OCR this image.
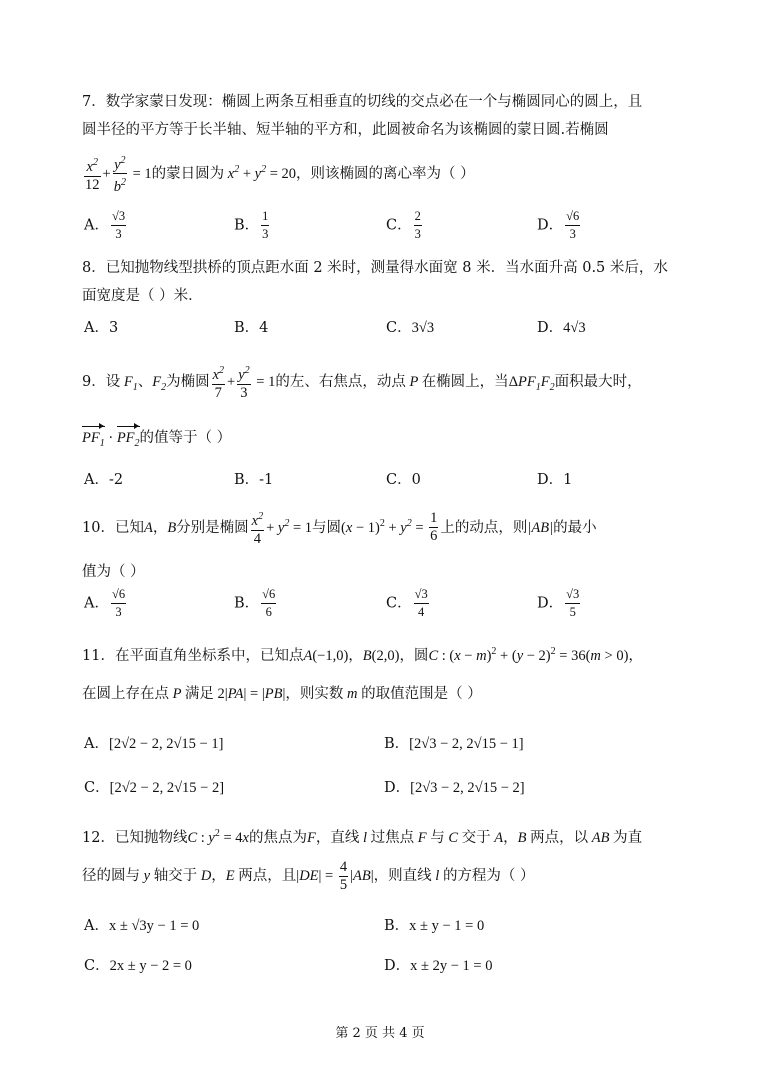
7．数学家蒙日发现：椭圆上两条互相垂直的切线的交点必在一个与椭圆同心的圆上，且
圆半径的平方等于长半轴、短半轴的平方和，此圆被命名为该椭圆的蒙日圆.若椭圆
$\frac{x^2}{12} + \frac{y^2}{b^2} = 1$的蒙日圆为 $x^2 + y^2 = 20$，则该椭圆的离心率为（ ）
A． $\frac{√3}{3}$	B． $\frac{1}{3}$	C． $\frac{2}{3}$	D． $\frac{√6}{3}$
8．已知抛物线型拱桥的顶点距水面 2 米时，测量得水面宽 8 米．当水面升高 0.5 米后，水
面宽度是（ ）米．
A．3	B．4	C．3√3	D．4√3
9．设 $F_1$、$F_2$为椭圆 $\frac{x^2}{7} + \frac{y^2}{3} = 1$的左、右焦点，动点 P 在椭圆上，当$\Delta PF_1F_2$面积最大时，
$PF_1 \cdot PF_2$的值等于（ ）
A．-2	B．-1	C．0	D．1
10．已知A，B分别是椭圆 $\frac{x^2}{4} + y^2 = 1$与圆$(x - 1)^2 + y^2 = \frac{1}{6}$ 上的动点，则|AB|的最小
值为（ ）
A． $\frac{√6}{3}$	B． $\frac{√6}{6}$	C． $\frac{√3}{4}$	D． $\frac{√3}{5}$
11．在平面直角坐标系中，已知点A(−1,0)，B(2,0)，圆C : $(x - m)^2 + (y - 2)^2 = 36(m > 0)$，
在圆上存在点 P 满足 2|PA| = |PB|，则实数 m 的取值范围是（ ）
A．[2√2 − 2, 2√15 − 1]	B．[2√3 − 2, 2√15 − 1]
C．[2√2 − 2, 2√15 − 2]	D．[2√3 − 2, 2√15 − 2]
12．已知抛物线C : $y^2 = 4x$的焦点为F，直线 l 过焦点 F 与 C 交于 A，B 两点，以 AB 为直
径的圆与 y 轴交于 D，E 两点，且$|DE| = \frac{4}{5} |AB|$，则直线 l 的方程为（ ）
A．x ± √3y − 1 = 0	B．x ± y − 1 = 0
C．2x ± y − 2 = 0	D．x ± 2y − 1 = 0
第 2 页 共 4 页
